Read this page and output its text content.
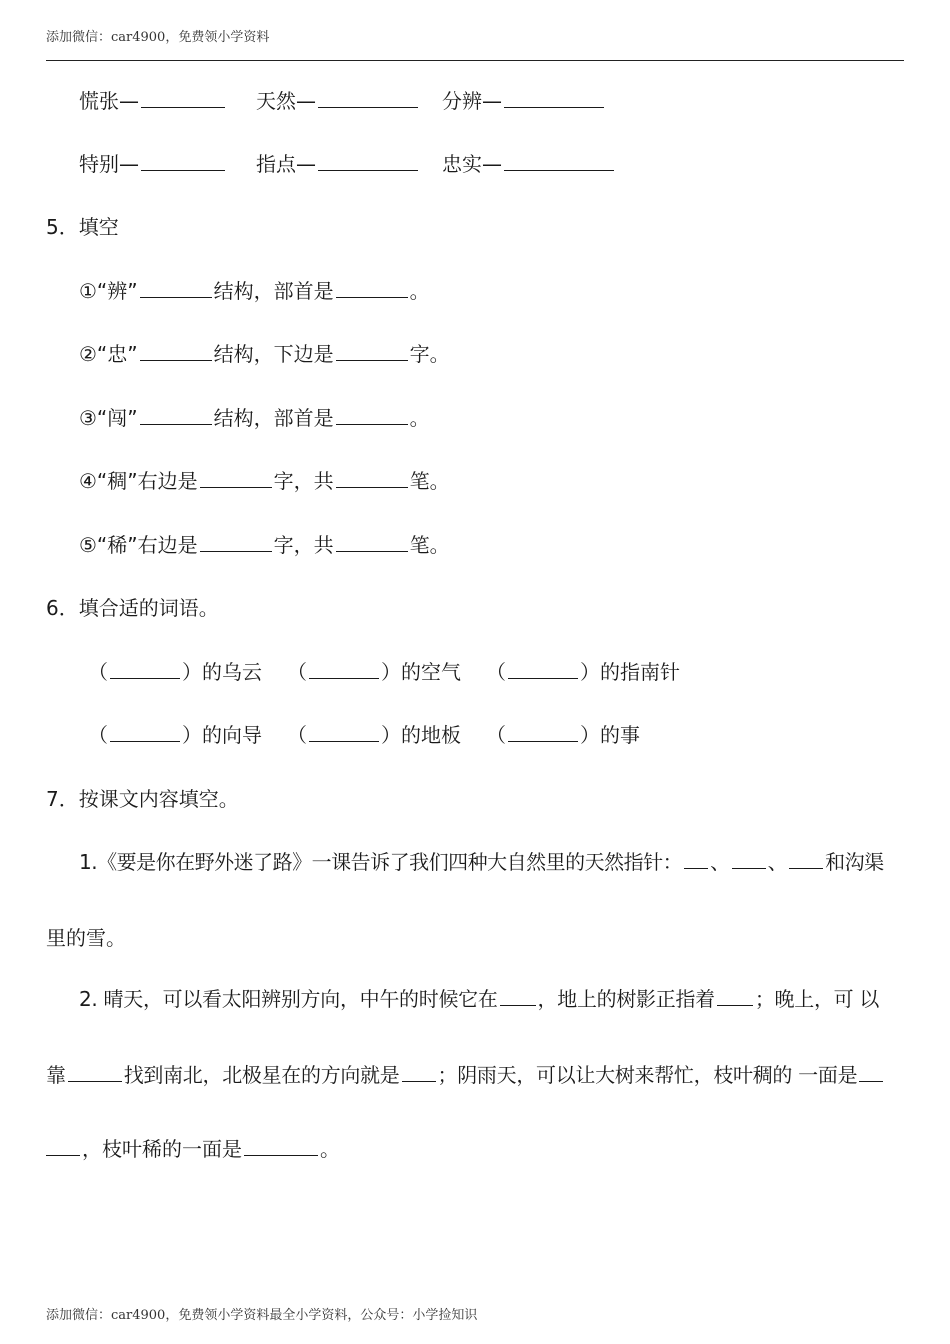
添加微信：car4900，免费领小学资料
慌张—	天然—	分辨—
特别—	指点—	忠实—
5．填空
①“辨”	结构，部首是	。
②“忠”	结构，下边是	字。
③“闯”	结构，部首是	。
④“稠”右边是	字，共	笔。
⑤“稀”右边是	字，共	笔。
6．填合适的词语。
（	）的乌云 （	）的空气 （	）的指南针
（	）的向导 （	）的地板 （	）的事
7．按课文内容填空。
1.《要是你在野外迷了路》一课告诉了我们四种大自然里的天然指针： 、 、 和沟渠
里的雪。
2. 晴天，可以看太阳辨别方向，中午的时候它在 ，地上的树影正指着 ；晚上，可 以
靠	找到南北，北极星在的方向就是 ；阴雨天，可以让大树来帮忙，枝叶稠的 一面是
，枝叶稀的一面是	。
添加微信：car4900，免费领小学资料最全小学资料，公众号：小学捡知识
